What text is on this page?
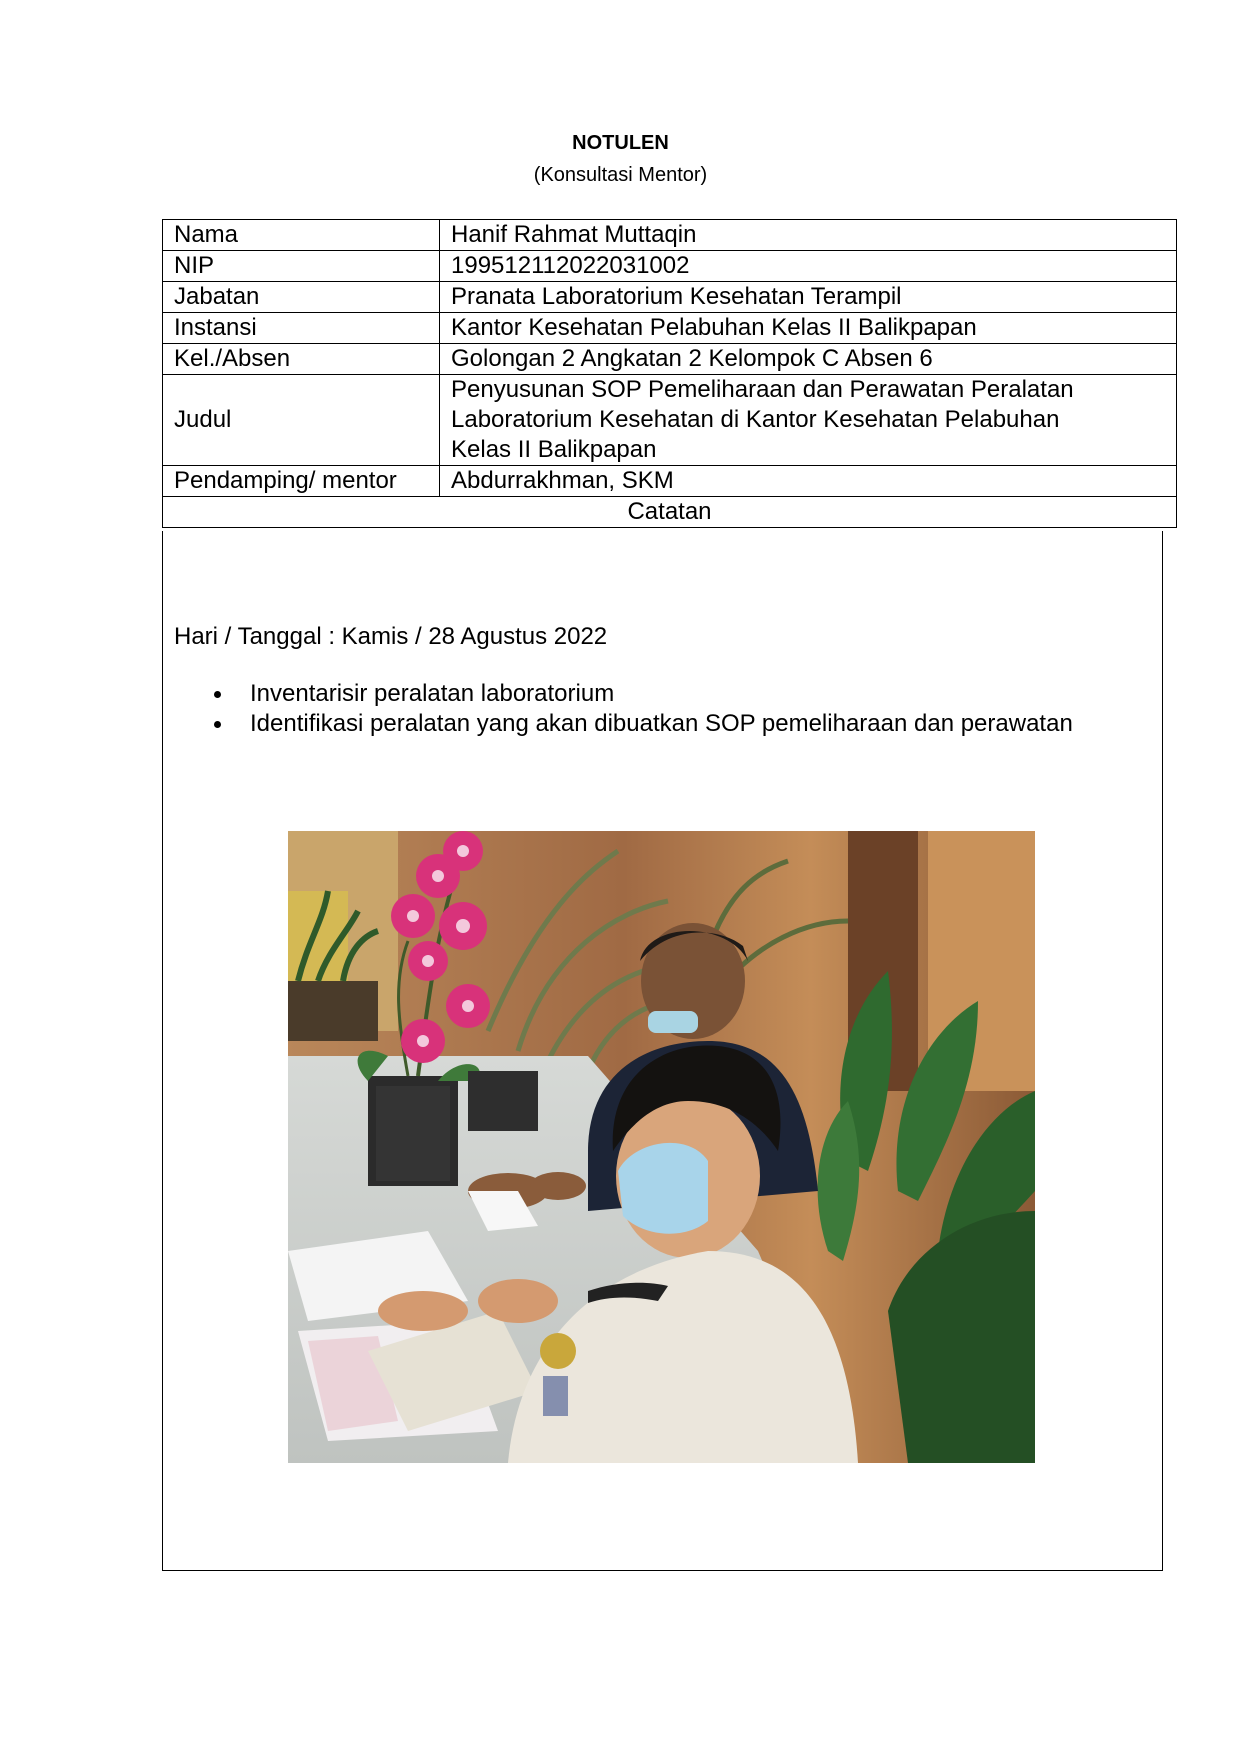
NOTULEN
(Konsultasi Mentor)
Nama	Hanif Rahmat Muttaqin
NIP	199512112022031002
Jabatan	Pranata Laboratorium Kesehatan Terampil
Instansi	Kantor Kesehatan Pelabuhan Kelas II Balikpapan
Kel./Absen	Golongan 2 Angkatan 2 Kelompok C Absen 6
Judul	Penyusunan SOP Pemeliharaan dan Perawatan Peralatan
Laboratorium Kesehatan di Kantor Kesehatan Pelabuhan
Kelas II Balikpapan

Pendamping/ mentor	Abdurrakhman, SKM
Catatan	
Hari / Tanggal : Kamis / 28 Agustus 2022
Inventarisir peralatan laboratorium
Identifikasi peralatan yang akan dibuatkan SOP pemeliharaan dan perawatan
